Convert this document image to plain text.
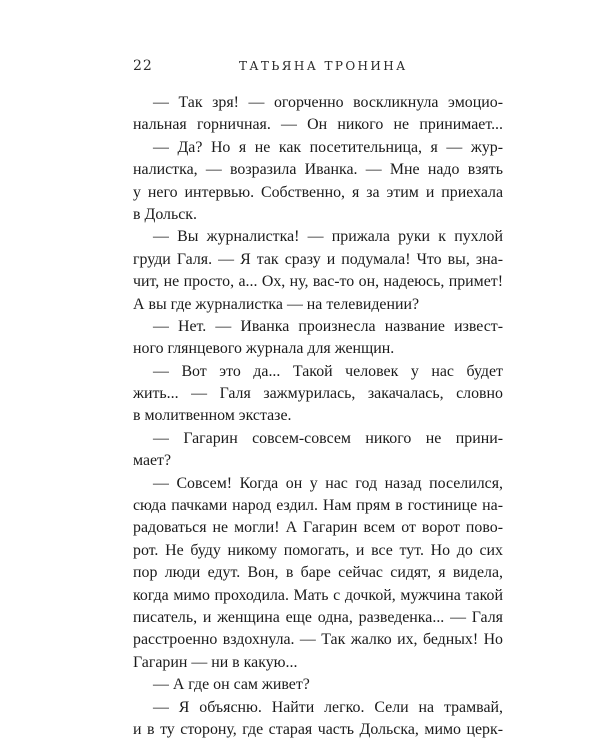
22	ТАТЬЯНА ТРОНИНА
— Так зря! — огорченно воскликнула эмоцио-
нальная горничная. — Он никого не принимает...
— Да? Но я не как посетительница, я — жур-
налистка, — возразила Иванка. — Мне надо взять
у него интервью. Собственно, я за этим и приехала
в Дольск.
— Вы журналистка! — прижала руки к пухлой
груди Галя. — Я так сразу и подумала! Что вы, зна-
чит, не просто, а... Ох, ну, вас-то он, надеюсь, примет!
А вы где журналистка — на телевидении?
— Нет. — Иванка произнесла название извест-
ного глянцевого журнала для женщин.
— Вот это да... Такой человек у нас будет
жить... — Галя зажмурилась, закачалась, словно
в молитвенном экстазе.
— Гагарин совсем-совсем никого не прини-
мает?
— Совсем! Когда он у нас год назад поселился,
сюда пачками народ ездил. Нам прям в гостинице на-
радоваться не могли! А Гагарин всем от ворот пово-
рот. Не буду никому помогать, и все тут. Но до сих
пор люди едут. Вон, в баре сейчас сидят, я видела,
когда мимо проходила. Мать с дочкой, мужчина такой
писатель, и женщина еще одна, разведенка... — Галя
расстроенно вздохнула. — Так жалко их, бедных! Но
Гагарин — ни в какую...
— А где он сам живет?
— Я объясню. Найти легко. Сели на трамвай,
и в ту сторону, где старая часть Дольска, мимо церк-
